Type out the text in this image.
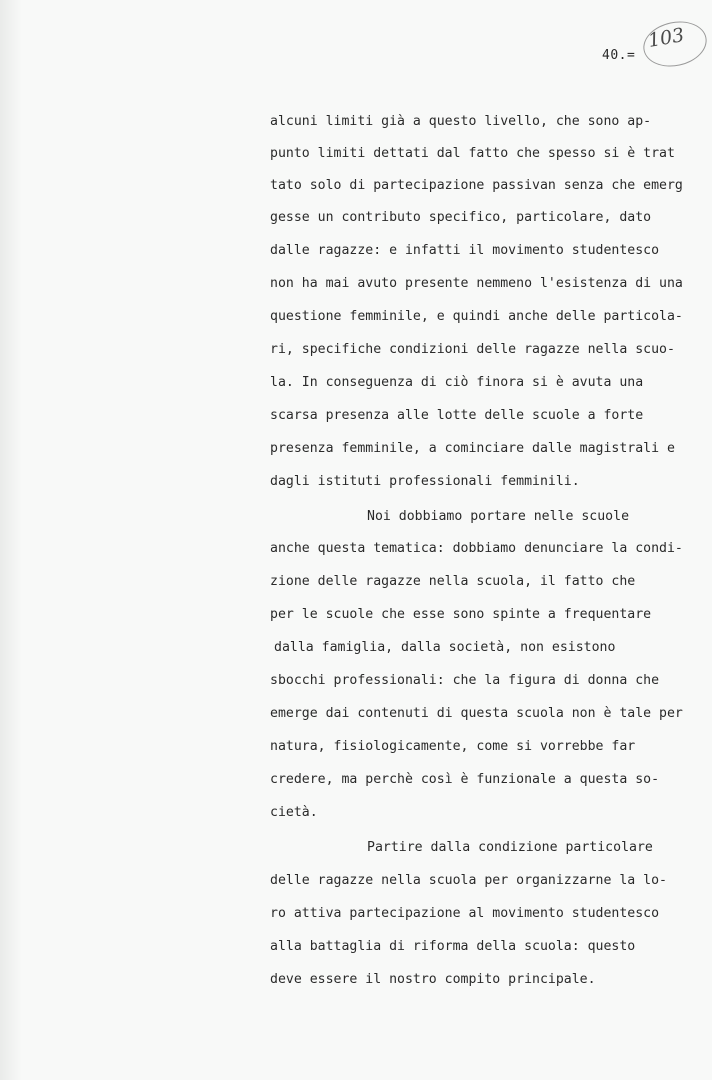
103
40.=
alcuni limiti già a questo livello, che sono ap-
punto limiti dettati dal fatto che spesso si è trat
tato solo di partecipazione passivan senza che emerg
gesse un contributo specifico, particolare, dato
dalle ragazze: e infatti il movimento studentesco
non ha mai avuto presente nemmeno l'esistenza di una
questione femminile, e quindi anche delle particola-
ri, specifiche condizioni delle ragazze nella scuo-
la. In conseguenza di ciò finora si è avuta una
scarsa presenza alle lotte delle scuole a forte
presenza femminile, a cominciare dalle magistrali e
dagli istituti professionali femminili.
Noi dobbiamo portare nelle scuole
anche questa tematica: dobbiamo denunciare la condi-
zione delle ragazze nella scuola, il fatto che
per le scuole che esse sono spinte a frequentare
dalla famiglia, dalla società, non esistono
sbocchi professionali: che la figura di donna che
emerge dai contenuti di questa scuola non è tale per
natura, fisiologicamente, come si vorrebbe far
credere, ma perchè così è funzionale a questa so-
cietà.
Partire dalla condizione particolare
delle ragazze nella scuola per organizzarne la lo-
ro attiva partecipazione al movimento studentesco
alla battaglia di riforma della scuola: questo
deve essere il nostro compito principale.
